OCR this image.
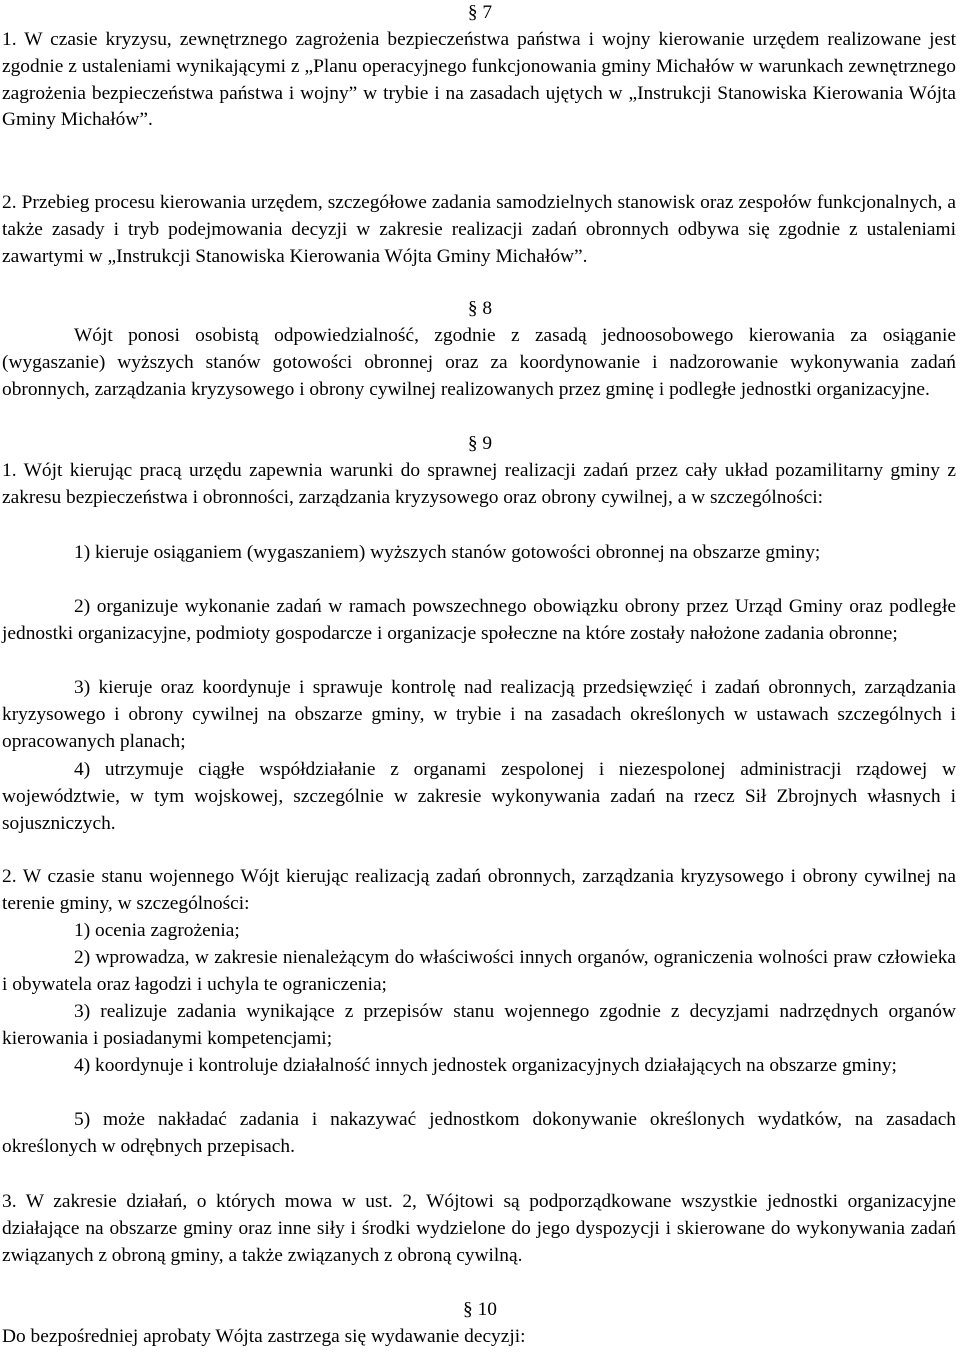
§ 7

1. W czasie kryzysu, zewnętrznego zagrożenia bezpieczeństwa państwa i wojny kierowanie urzędem realizowane jest zgodnie z ustaleniami wynikającymi z „Planu operacyjnego funkcjonowania gminy Michałów w warunkach zewnętrznego zagrożenia bezpieczeństwa państwa i wojny” w trybie i na zasadach ujętych w „Instrukcji Stanowiska Kierowania Wójta Gminy Michałów”.

2. Przebieg procesu kierowania urzędem, szczegółowe zadania samodzielnych stanowisk oraz zespołów funkcjonalnych, a także zasady i tryb podejmowania decyzji w zakresie realizacji zadań obronnych odbywa się zgodnie z ustaleniami zawartymi w „Instrukcji Stanowiska Kierowania Wójta Gminy Michałów”.

§ 8

Wójt ponosi osobistą odpowiedzialność, zgodnie z zasadą jednoosobowego kierowania za osiąganie (wygaszanie) wyższych stanów gotowości obronnej oraz za koordynowanie i nadzorowanie wykonywania zadań obronnych, zarządzania kryzysowego i obrony cywilnej realizowanych przez gminę i podległe jednostki organizacyjne.

§ 9

1. Wójt kierując pracą urzędu zapewnia warunki do sprawnej realizacji zadań przez cały układ pozamilitarny gminy z zakresu bezpieczeństwa i obronności, zarządzania kryzysowego oraz obrony cywilnej, a w szczególności:

1) kieruje osiąganiem (wygaszaniem) wyższych stanów gotowości obronnej na obszarze gminy;

2) organizuje wykonanie zadań w ramach powszechnego obowiązku obrony przez Urząd Gminy oraz podległe jednostki organizacyjne, podmioty gospodarcze i organizacje społeczne na które zostały nałożone zadania obronne;

3) kieruje oraz koordynuje i sprawuje kontrolę nad realizacją przedsięwzięć i zadań obronnych, zarządzania kryzysowego i obrony cywilnej na obszarze gminy, w trybie i na zasadach określonych w ustawach szczególnych i opracowanych planach;

4) utrzymuje ciągłe współdziałanie z organami zespolonej i niezespolonej administracji rządowej w województwie, w tym wojskowej, szczególnie w zakresie wykonywania zadań na rzecz Sił Zbrojnych własnych i sojuszniczych.

2. W czasie stanu wojennego Wójt kierując realizacją zadań obronnych, zarządzania kryzysowego i obrony cywilnej na terenie gminy, w szczególności:

1) ocenia zagrożenia;

2) wprowadza, w zakresie nienależącym do właściwości innych organów, ograniczenia wolności praw człowieka i obywatela oraz łagodzi i uchyla te ograniczenia;

3) realizuje zadania wynikające z przepisów stanu wojennego zgodnie z decyzjami nadrzędnych organów kierowania i posiadanymi kompetencjami;

4) koordynuje i kontroluje działalność innych jednostek organizacyjnych działających na obszarze gminy;

5) może nakładać zadania i nakazywać jednostkom dokonywanie określonych wydatków, na zasadach określonych w odrębnych przepisach.

3. W zakresie działań, o których mowa w ust. 2, Wójtowi są podporządkowane wszystkie jednostki organizacyjne działające na obszarze gminy oraz inne siły i środki wydzielone do jego dyspozycji i skierowane do wykonywania zadań związanych z obroną gminy, a także związanych z obroną cywilną.

§ 10

Do bezpośredniej aprobaty Wójta zastrzega się wydawanie decyzji:
